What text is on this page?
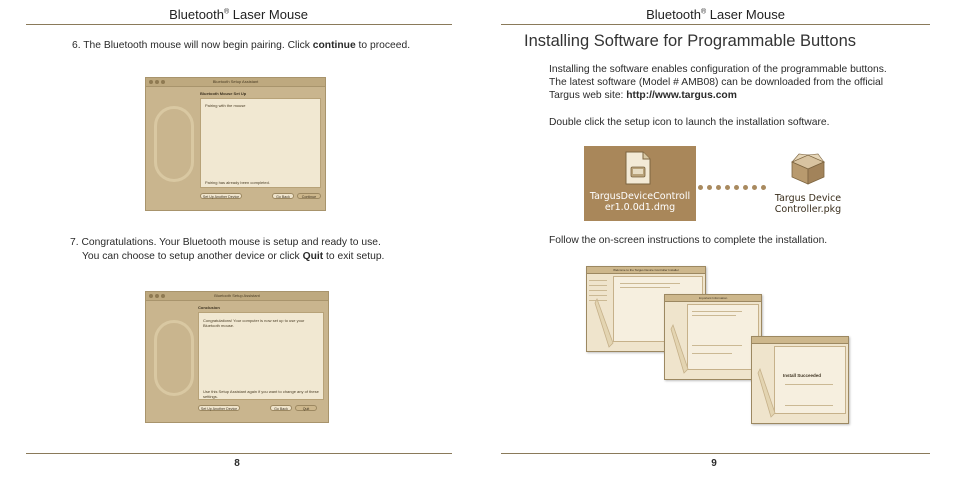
Bluetooth® Laser Mouse
6. The Bluetooth mouse will now begin pairing. Click continue to proceed.
Bluetooth Setup Assistant
Bluetooth Mouse Set Up
Pairing with the mouse
Pairing has already been completed.
Set Up Another Device	Go Back	Continue
7. Congratulations. Your Bluetooth mouse is setup and ready to use.
You can choose to setup another device or click Quit to exit setup.
Bluetooth Setup Assistant
Conclusion
Congratulations! Your computer is now set up to use your
Bluetooth mouse.
Use this Setup Assistant again if you want to change any of these
settings.
Set Up Another Device	Go Back	Quit
8
Bluetooth® Laser Mouse
Installing Software for Programmable Buttons
Installing the software enables configuration of the programmable buttons.
The latest software (Model # AMB08) can be downloaded from the official
Targus web site: http://www.targus.com
Double click the setup icon to launch the installation software.
TargusDeviceControll
er1.0.0d1.dmg
Targus Device
Controller.pkg
Follow the on-screen instructions to complete the installation.
Welcome to the Targus Device Controller Installer
Important Information
Install Succeeded
9
